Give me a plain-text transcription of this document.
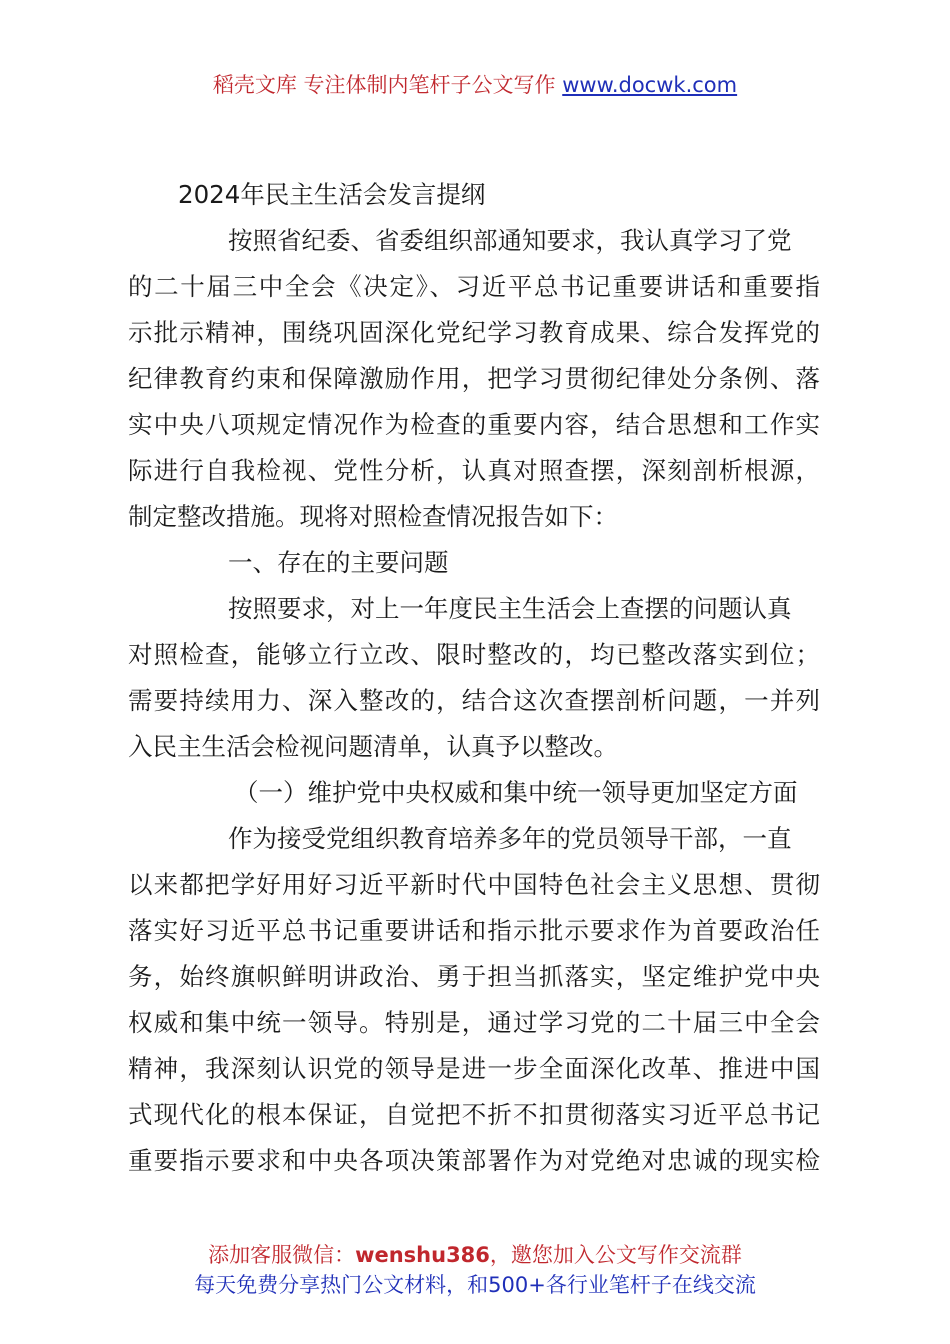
稻壳文库 专注体制内笔杆子公文写作 www.docwk.com
2024年民主生活会发言提纲
按照省纪委、省委组织部通知要求，我认真学习了党
的二十届三中全会《决定》、习近平总书记重要讲话和重要指
示批示精神，围绕巩固深化党纪学习教育成果、综合发挥党的
纪律教育约束和保障激励作用，把学习贯彻纪律处分条例、落
实中央八项规定情况作为检查的重要内容，结合思想和工作实
际进行自我检视、党性分析，认真对照查摆，深刻剖析根源，
制定整改措施。现将对照检查情况报告如下：
一、存在的主要问题
按照要求，对上一年度民主生活会上查摆的问题认真
对照检查，能够立行立改、限时整改的，均已整改落实到位；
需要持续用力、深入整改的，结合这次查摆剖析问题，一并列
入民主生活会检视问题清单，认真予以整改。
（一）维护党中央权威和集中统一领导更加坚定方面
作为接受党组织教育培养多年的党员领导干部，一直
以来都把学好用好习近平新时代中国特色社会主义思想、贯彻
落实好习近平总书记重要讲话和指示批示要求作为首要政治任
务，始终旗帜鲜明讲政治、勇于担当抓落实，坚定维护党中央
权威和集中统一领导。特别是，通过学习党的二十届三中全会
精神，我深刻认识党的领导是进一步全面深化改革、推进中国
式现代化的根本保证，自觉把不折不扣贯彻落实习近平总书记
重要指示要求和中央各项决策部署作为对党绝对忠诚的现实检
添加客服微信：wenshu386，邀您加入公文写作交流群
每天免费分享热门公文材料，和500+各行业笔杆子在线交流
